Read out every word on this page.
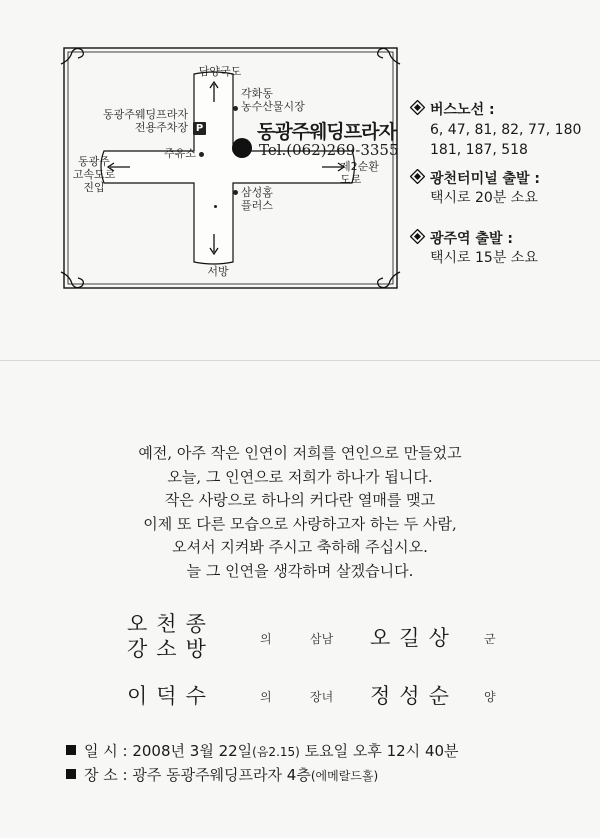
담양국도
서방
동광주
고속도로
진입
제2순환
도로
각화동
농수산물시장
동광주웨딩프라자
전용주차장 P
주유소
동광주웨딩프라자
Tel.(062)269-3355
삼성홈
플러스
버스노선 :
6, 47, 81, 82, 77, 180
181, 187, 518
광천터미널 출발 :
택시로 20분 소요
광주역 출발 :
택시로 15분 소요
예전, 아주 작은 인연이 저희를 연인으로 만들었고
오늘, 그 인연으로 저희가 하나가 됩니다.
작은 사랑으로 하나의 커다란 열매를 맺고
이제 또 다른 모습으로 사랑하고자 하는 두 사람,
오셔서 지켜봐 주시고 축하해 주십시오.
늘 그 인연을 생각하며 살겠습니다.
오천종
강소방	의	삼남 오길상 군
이덕수	의	장녀 정성순 양
일 시 : 2008년 3월 22일(음2.15) 토요일 오후 12시 40분
장 소 : 광주 동광주웨딩프라자 4층(에메랄드홀)
